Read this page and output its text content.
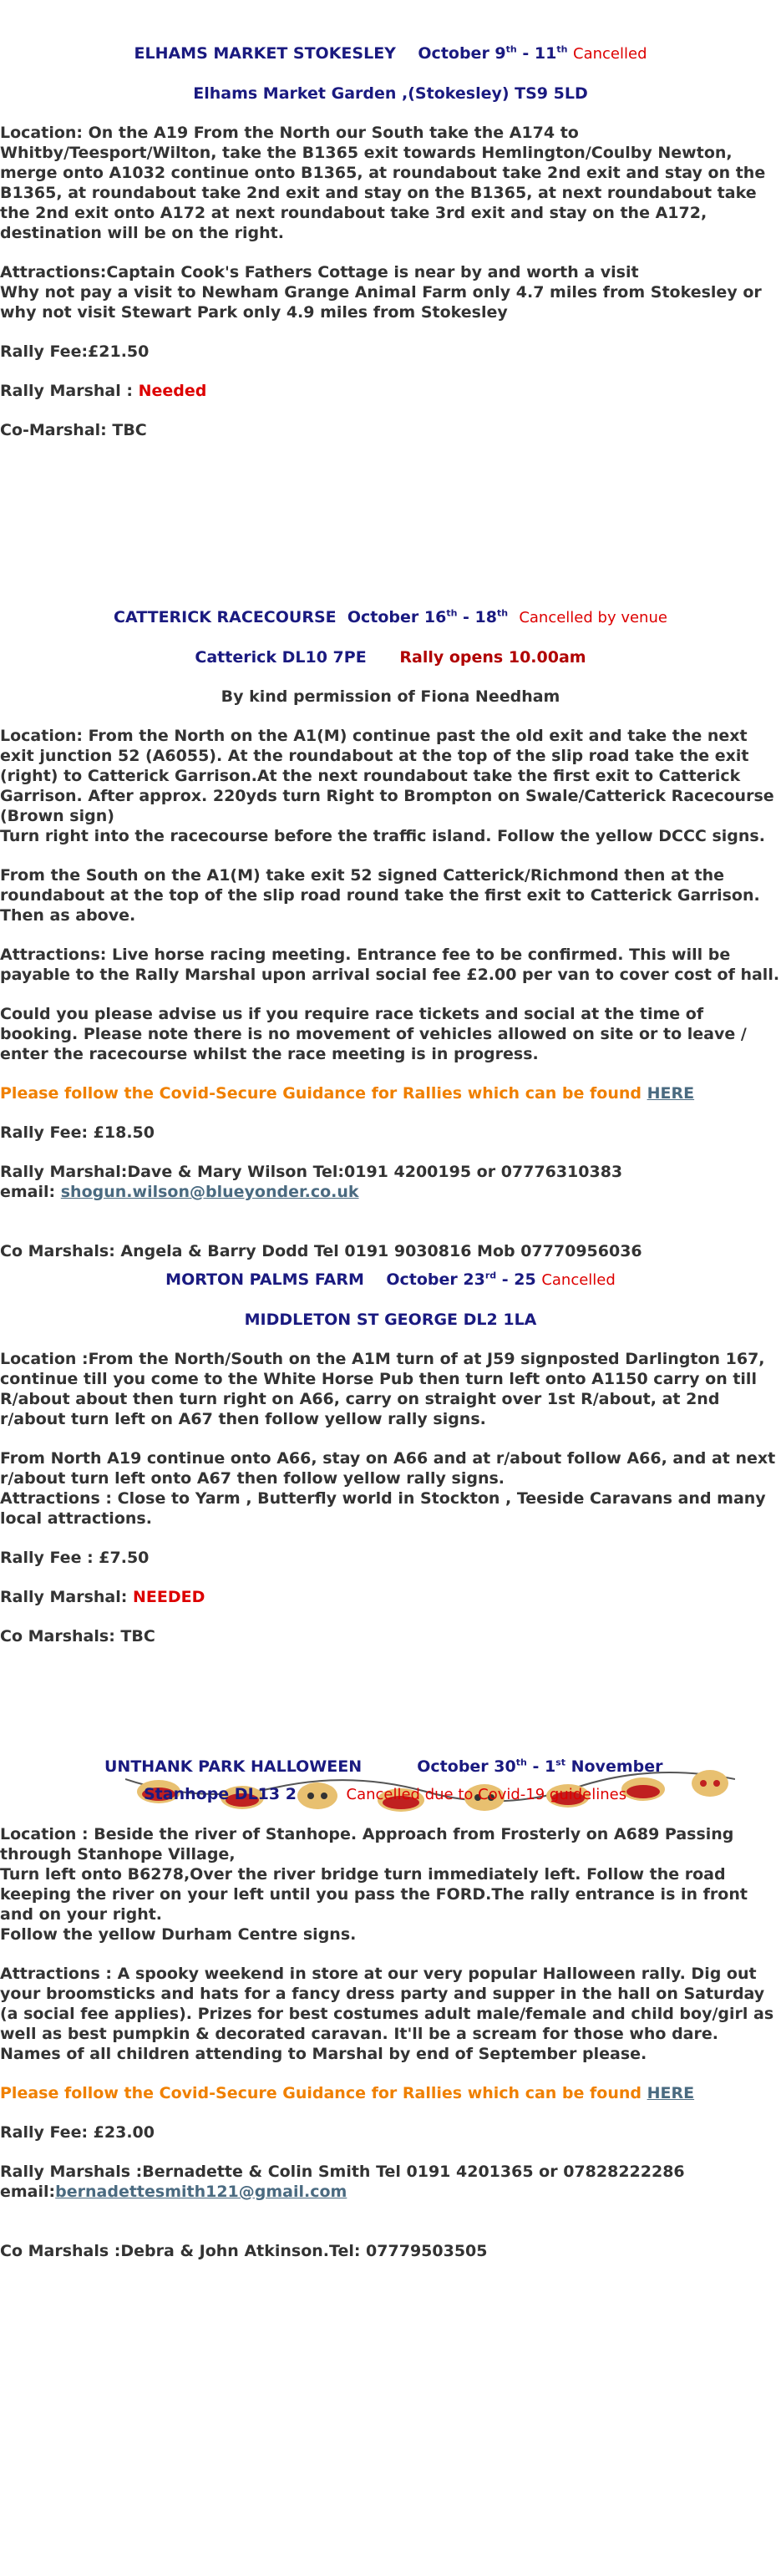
ELHAMS MARKET STOKESLEY October 9th - 11th Cancelled

Elhams Market Garden ,(Stokesley) TS9 5LD

Location: On the A19 From the North our South take the A174 to Whitby/Teesport/Wilton, take the B1365 exit towards Hemlington/Coulby Newton, merge onto A1032 continue onto B1365, at roundabout take 2nd exit and stay on the B1365, at roundabout take 2nd exit and stay on the B1365, at next roundabout take the 2nd exit onto A172 at next roundabout take 3rd exit and stay on the A172, destination will be on the right.

Attractions:Captain Cook's Fathers Cottage is near by and worth a visit

Why not pay a visit to Newham Grange Animal Farm only 4.7 miles from Stokesley or why not visit Stewart Park only 4.9 miles from Stokesley

Rally Fee:£21.50

Rally Marshal : Needed

Co-Marshal: TBC

CATTERICK RACECOURSE October 16th - 18th Cancelled by venue

Catterick DL10 7PE Rally opens 10.00am

By kind permission of Fiona Needham

Location: From the North on the A1(M) continue past the old exit and take the next exit junction 52 (A6055). At the roundabout at the top of the slip road take the exit (right) to Catterick Garrison.At the next roundabout take the first exit to Catterick Garrison. After approx. 220yds turn Right to Brompton on Swale/Catterick Racecourse (Brown sign)

Turn right into the racecourse before the traffic island. Follow the yellow DCCC signs.

From the South on the A1(M) take exit 52 signed Catterick/Richmond then at the roundabout at the top of the slip road round take the first exit to Catterick Garrison. Then as above.

Attractions: Live horse racing meeting. Entrance fee to be confirmed. This will be payable to the Rally Marshal upon arrival social fee £2.00 per van to cover cost of hall.

Could you please advise us if you require race tickets and social at the time of booking. Please note there is no movement of vehicles allowed on site or to leave / enter the racecourse whilst the race meeting is in progress.

Please follow the Covid-Secure Guidance for Rallies which can be found HERE

Rally Fee: £18.50

Rally Marshal:Dave & Mary Wilson Tel:0191 4200195 or 07776310383

email: shogun.wilson@blueyonder.co.uk

Co Marshals: Angela & Barry Dodd Tel 0191 9030816 Mob 07770956036

MORTON PALMS FARM October 23rd - 25 Cancelled

MIDDLETON ST GEORGE DL2 1LA

Location :From the North/South on the A1M turn of at J59 signposted Darlington 167, continue till you come to the White Horse Pub then turn left onto A1150 carry on till R/about about then turn right on A66, carry on straight over 1st R/about, at 2nd r/about turn left on A67 then follow yellow rally signs.

From North A19 continue onto A66, stay on A66 and at r/about follow A66, and at next r/about turn left onto A67 then follow yellow rally signs.

Attractions : Close to Yarm , Butterfly world in Stockton , Teeside Caravans and many local attractions.

Rally Fee : £7.50

Rally Marshal: NEEDED

Co Marshals: TBC

UNTHANK PARK HALLOWEEN	October 30th - 1st November

Stanhope DL13 2	Cancelled due to Covid-19 guidelines

Location : Beside the river of Stanhope. Approach from Frosterly on A689 Passing through Stanhope Village,

Turn left onto B6278,Over the river bridge turn immediately left. Follow the road keeping the river on your left until you pass the FORD.The rally entrance is in front and on your right.

Follow the yellow Durham Centre signs.

Attractions : A spooky weekend in store at our very popular Halloween rally. Dig out your broomsticks and hats for a fancy dress party and supper in the hall on Saturday (a social fee applies). Prizes for best costumes adult male/female and child boy/girl as well as best pumpkin & decorated caravan. It'll be a scream for those who dare. Names of all children attending to Marshal by end of September please.

Please follow the Covid-Secure Guidance for Rallies which can be found HERE

Rally Fee: £23.00

Rally Marshals :Bernadette & Colin Smith Tel 0191 4201365 or 07828222286

email:bernadettesmith121@gmail.com

Co Marshals :Debra & John Atkinson.Tel: 07779503505
